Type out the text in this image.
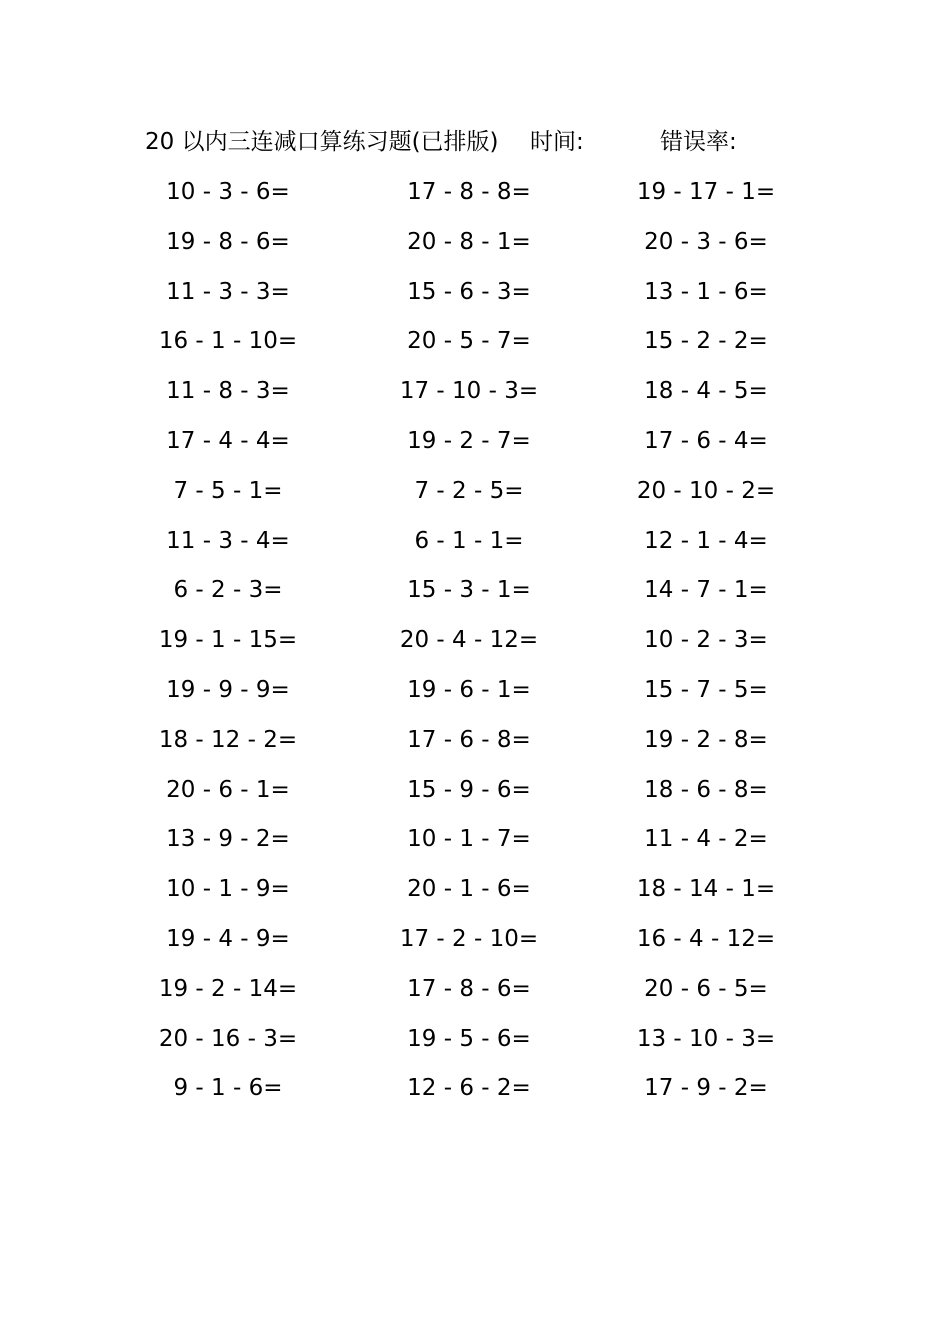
20 以内三连减口算练习题(已排版) 时间:	错误率:
10 - 3 - 6=	17 - 8 - 8=	19 - 17 - 1=
19 - 8 - 6=	20 - 8 - 1=	20 - 3 - 6=
11 - 3 - 3=	15 - 6 - 3=	13 - 1 - 6=
16 - 1 - 10=	20 - 5 - 7=	15 - 2 - 2=
11 - 8 - 3=	17 - 10 - 3=	18 - 4 - 5=
17 - 4 - 4=	19 - 2 - 7=	17 - 6 - 4=
7 - 5 - 1=	7 - 2 - 5=	20 - 10 - 2=
11 - 3 - 4=	6 - 1 - 1=	12 - 1 - 4=
6 - 2 - 3=	15 - 3 - 1=	14 - 7 - 1=
19 - 1 - 15=	20 - 4 - 12=	10 - 2 - 3=
19 - 9 - 9=	19 - 6 - 1=	15 - 7 - 5=
18 - 12 - 2=	17 - 6 - 8=	19 - 2 - 8=
20 - 6 - 1=	15 - 9 - 6=	18 - 6 - 8=
13 - 9 - 2=	10 - 1 - 7=	11 - 4 - 2=
10 - 1 - 9=	20 - 1 - 6=	18 - 14 - 1=
19 - 4 - 9=	17 - 2 - 10=	16 - 4 - 12=
19 - 2 - 14=	17 - 8 - 6=	20 - 6 - 5=
20 - 16 - 3=	19 - 5 - 6=	13 - 10 - 3=
9 - 1 - 6=	12 - 6 - 2=	17 - 9 - 2=
